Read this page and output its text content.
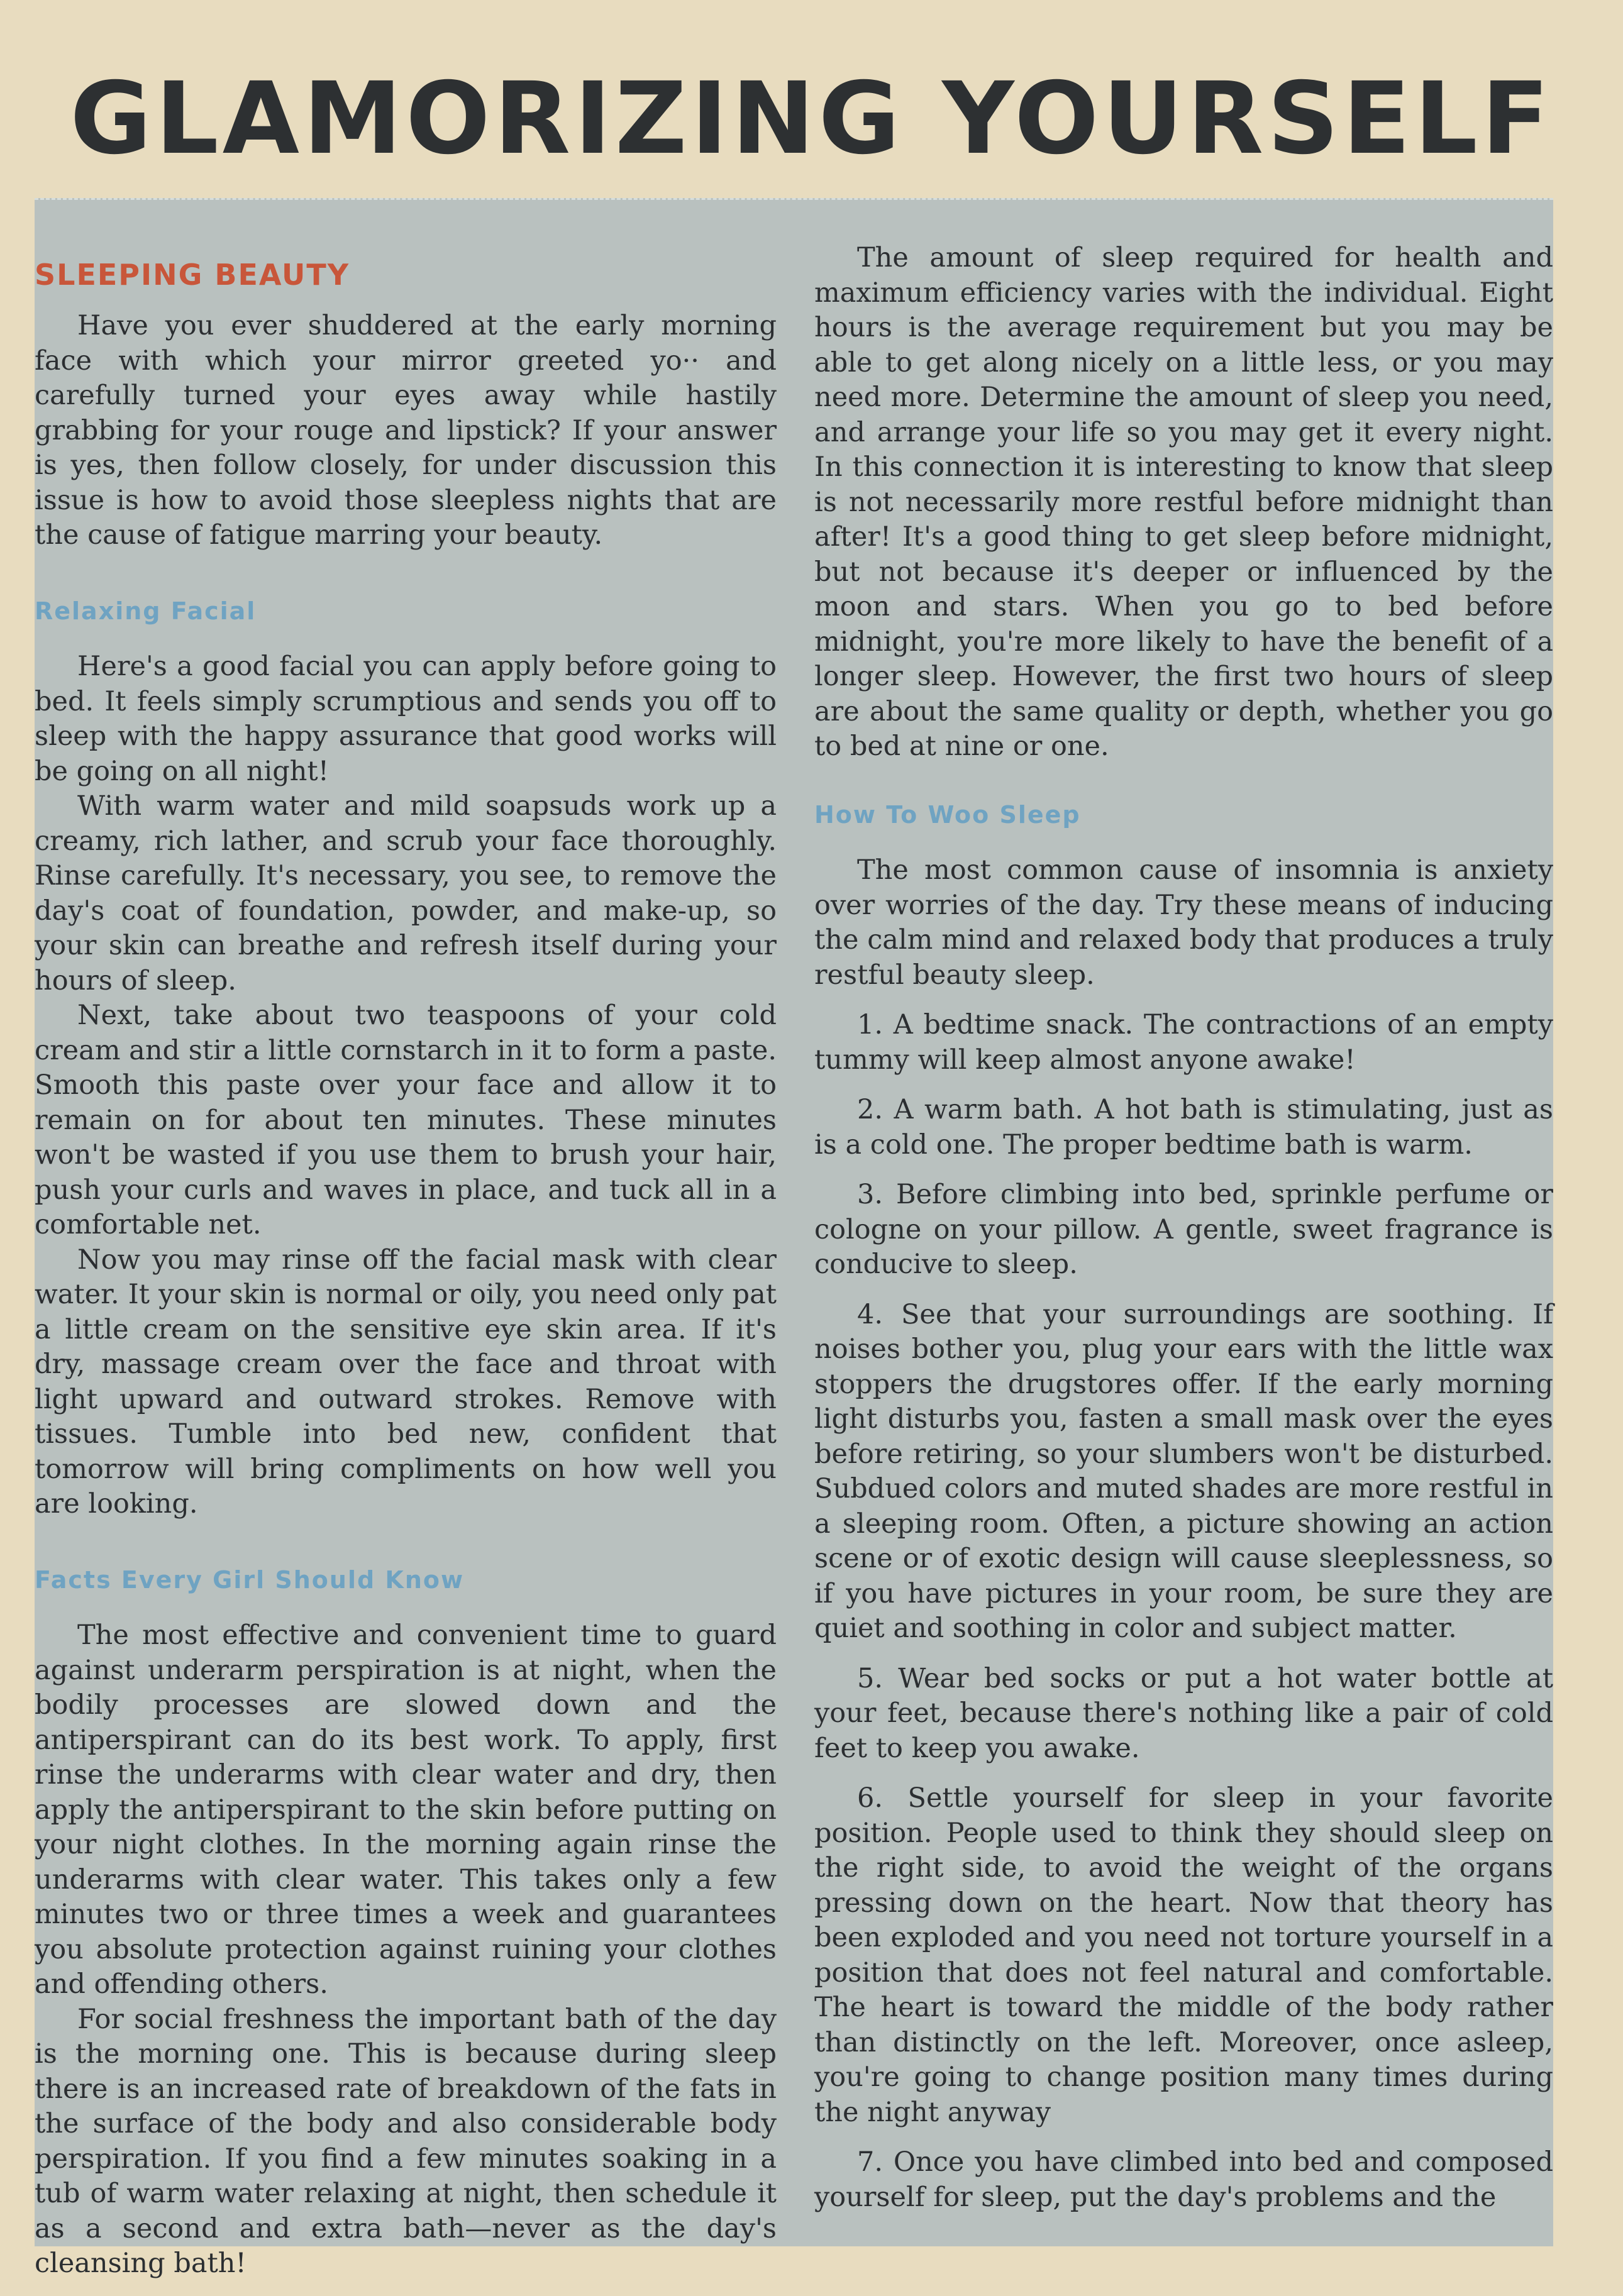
GLAMORIZING YOURSELF
SLEEPING BEAUTY

Have you ever shuddered at the early morning face with which your mirror greeted yo·· and carefully turned your eyes away while hastily grabbing for your rouge and lipstick? If your answer is yes, then follow closely, for under discussion this issue is how to avoid those sleepless nights that are the cause of fatigue marring your beauty.

Relaxing Facial

Here's a good facial you can apply before going to bed. It feels simply scrumptious and sends you off to sleep with the happy assurance that good works will be going on all night!

With warm water and mild soapsuds work up a creamy, rich lather, and scrub your face thoroughly. Rinse carefully. It's necessary, you see, to remove the day's coat of foundation, powder, and make-up, so your skin can breathe and refresh itself during your hours of sleep.

Next, take about two teaspoons of your cold cream and stir a little cornstarch in it to form a paste. Smooth this paste over your face and allow it to remain on for about ten minutes. These minutes won't be wasted if you use them to brush your hair, push your curls and waves in place, and tuck all in a comfortable net.

Now you may rinse off the facial mask with clear water. It your skin is normal or oily, you need only pat a little cream on the sensitive eye skin area. If it's dry, massage cream over the face and throat with light upward and outward strokes. Remove with tissues. Tumble into bed new, confident that tomorrow will bring compliments on how well you are looking.

Facts Every Girl Should Know

The most effective and convenient time to guard against underarm perspiration is at night, when the bodily processes are slowed down and the antiperspirant can do its best work. To apply, first rinse the underarms with clear water and dry, then apply the antiperspirant to the skin before putting on your night clothes. In the morning again rinse the underarms with clear water. This takes only a few minutes two or three times a week and guarantees you absolute protection against ruining your clothes and offending others.

For social freshness the important bath of the day is the morning one. This is because during sleep there is an increased rate of breakdown of the fats in the surface of the body and also considerable body perspiration. If you find a few minutes soaking in a tub of warm water relaxing at night, then schedule it as a second and extra bath—never as the day's cleansing bath!

The amount of sleep required for health and maximum efficiency varies with the individual. Eight hours is the average requirement but you may be able to get along nicely on a little less, or you may need more. Determine the amount of sleep you need, and arrange your life so you may get it every night. In this connection it is interesting to know that sleep is not necessarily more restful before midnight than after! It's a good thing to get sleep before midnight, but not because it's deeper or influenced by the moon and stars. When you go to bed before midnight, you're more likely to have the benefit of a longer sleep. However, the first two hours of sleep are about the same quality or depth, whether you go to bed at nine or one.

How To Woo Sleep

The most common cause of insomnia is anxiety over worries of the day. Try these means of inducing the calm mind and relaxed body that produces a truly restful beauty sleep.

1. A bedtime snack. The contractions of an empty tummy will keep almost anyone awake!

2. A warm bath. A hot bath is stimulating, just as is a cold one. The proper bedtime bath is warm.

3. Before climbing into bed, sprinkle perfume or cologne on your pillow. A gentle, sweet fragrance is conducive to sleep.

4. See that your surroundings are soothing. If noises bother you, plug your ears with the little wax stoppers the drugstores offer. If the early morning light disturbs you, fasten a small mask over the eyes before retiring, so your slumbers won't be disturbed. Subdued colors and muted shades are more restful in a sleeping room. Often, a picture showing an action scene or of exotic design will cause sleeplessness, so if you have pictures in your room, be sure they are quiet and soothing in color and subject matter.

5. Wear bed socks or put a hot water bottle at your feet, because there's nothing like a pair of cold feet to keep you awake.

6. Settle yourself for sleep in your favorite position. People used to think they should sleep on the right side, to avoid the weight of the organs pressing down on the heart. Now that theory has been exploded and you need not torture yourself in a position that does not feel natural and comfortable. The heart is toward the middle of the body rather than distinctly on the left. Moreover, once asleep, you're going to change position many times during the night anyway

7. Once you have climbed into bed and composed yourself for sleep, put the day's problems and the
